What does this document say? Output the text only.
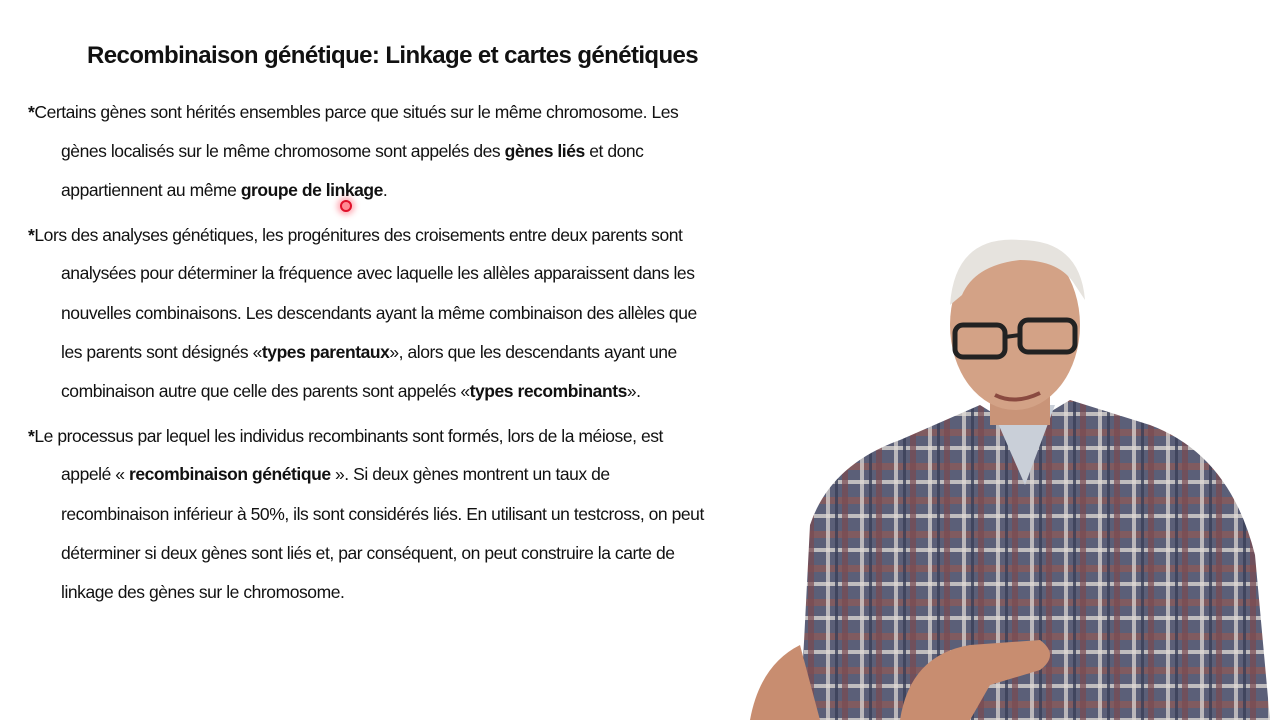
Recombinaison génétique: Linkage et cartes génétiques
*Certains gènes sont hérités ensembles parce que situés sur le même chromosome. Les
gènes localisés sur le même chromosome sont appelés des gènes liés et donc
appartiennent au même groupe de linkage.
*Lors des analyses génétiques, les progénitures des croisements entre deux parents sont
analysées pour déterminer la fréquence avec laquelle les allèles apparaissent dans les
nouvelles combinaisons. Les descendants ayant la même combinaison des allèles que
les parents sont désignés «types parentaux», alors que les descendants ayant une
combinaison autre que celle des parents sont appelés «types recombinants».
*Le processus par lequel les individus recombinants sont formés, lors de la méiose, est
appelé « recombinaison génétique ». Si deux gènes montrent un taux de
recombinaison inférieur à 50%, ils sont considérés liés. En utilisant un testcross, on peut
déterminer si deux gènes sont liés et, par conséquent, on peut construire la carte de
linkage des gènes sur le chromosome.
